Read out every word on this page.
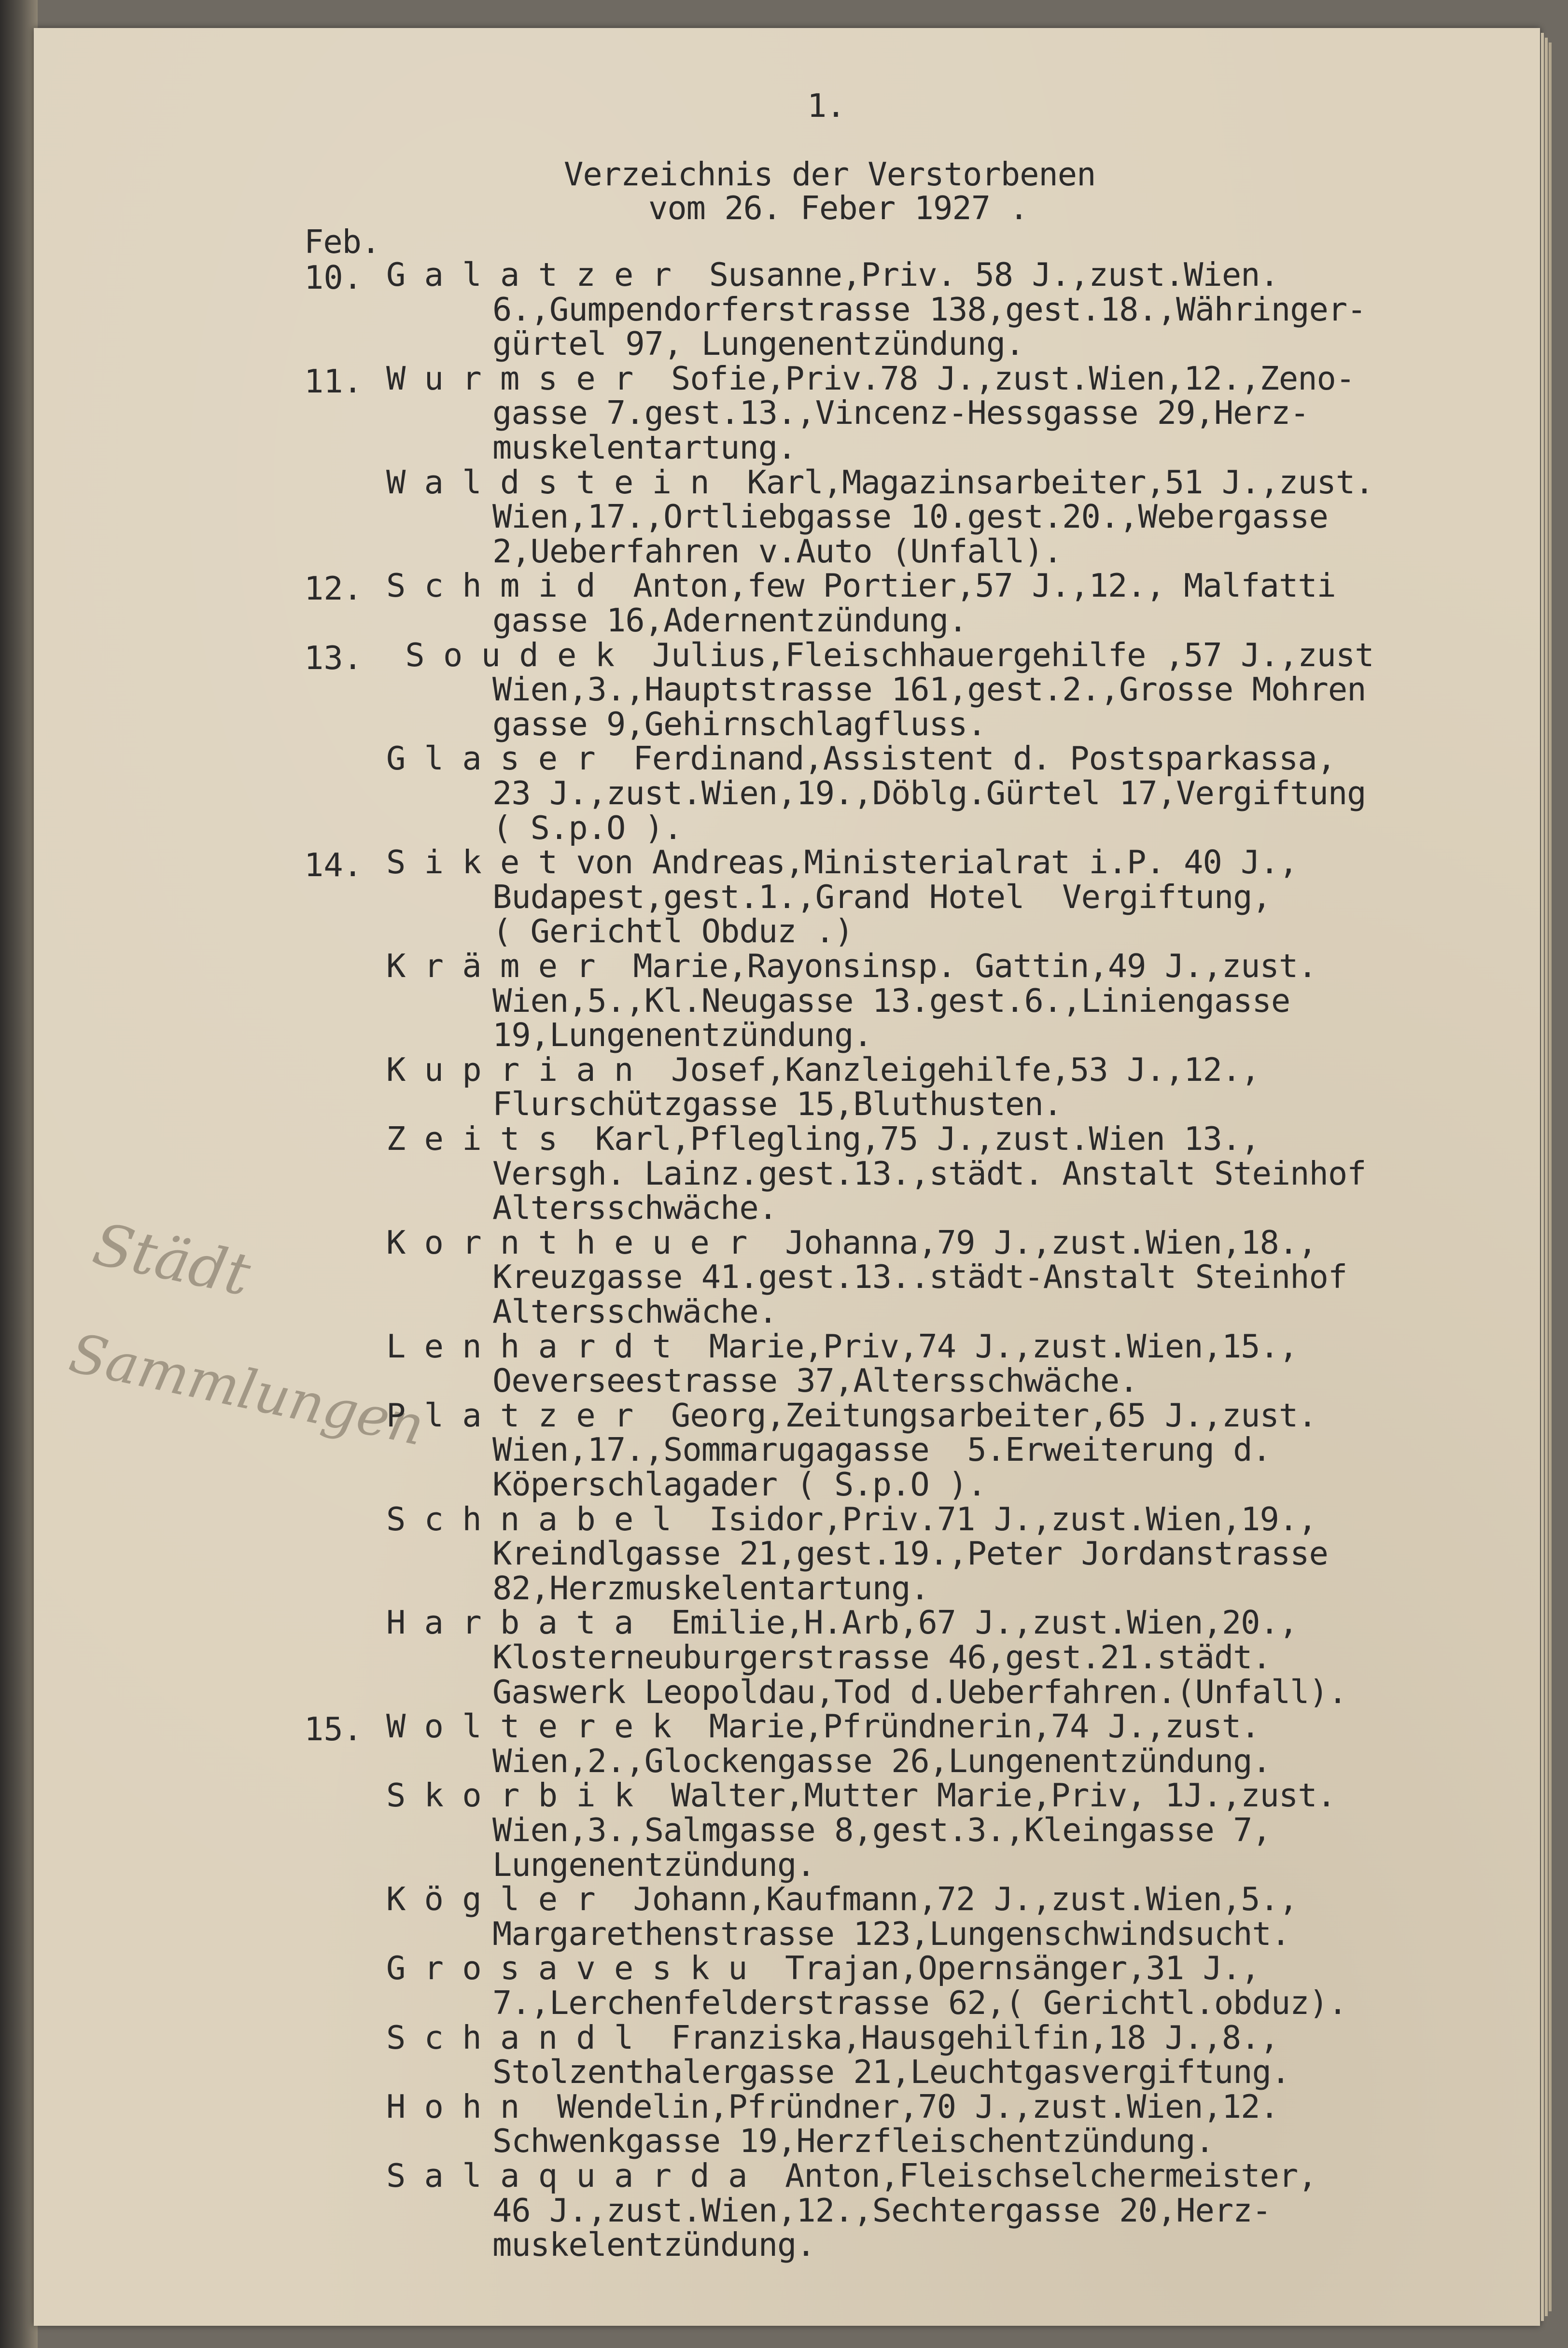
1.
Verzeichnis der Verstorbenen
vom 26. Feber 1927 .
Feb.
Städt
Sammlungen
10. G a l a t z e r  Susanne,Priv. 58 J.,zust.Wien.
6.,Gumpendorferstrasse 138,gest.18.,Währinger-
gürtel 97, Lungenentzündung.
11. W u r m s e r  Sofie,Priv.78 J.,zust.Wien,12.,Zeno-
gasse 7.gest.13.,Vincenz-Hessgasse 29,Herz-
muskelentartung.
W a l d s t e i n  Karl,Magazinsarbeiter,51 J.,zust.
Wien,17.,Ortliebgasse 10.gest.20.,Webergasse
2,Ueberfahren v.Auto (Unfall).
12. S c h m i d  Anton,few Portier,57 J.,12., Malfatti
gasse 16,Adernentzündung.
13. S o u d e k  Julius,Fleischhauergehilfe ,57 J.,zust
Wien,3.,Hauptstrasse 161,gest.2.,Grosse Mohren
gasse 9,Gehirnschlagfluss.
G l a s e r  Ferdinand,Assistent d. Postsparkassa,
23 J.,zust.Wien,19.,Döblg.Gürtel 17,Vergiftung
( S.p.O ).
14. S i k e t von Andreas,Ministerialrat i.P. 40 J.,
Budapest,gest.1.,Grand Hotel  Vergiftung,
( Gerichtl Obduz .)
K r ä m e r  Marie,Rayonsinsp. Gattin,49 J.,zust.
Wien,5.,Kl.Neugasse 13.gest.6.,Liniengasse
19,Lungenentzündung.
K u p r i a n  Josef,Kanzleigehilfe,53 J.,12.,
Flurschützgasse 15,Bluthusten.
Z e i t s  Karl,Pflegling,75 J.,zust.Wien 13.,
Versgh. Lainz.gest.13.,städt. Anstalt Steinhof
Altersschwäche.
K o r n t h e u e r  Johanna,79 J.,zust.Wien,18.,
Kreuzgasse 41.gest.13..städt-Anstalt Steinhof
Altersschwäche.
L e n h a r d t  Marie,Priv,74 J.,zust.Wien,15.,
Oeverseestrasse 37,Altersschwäche.
P l a t z e r  Georg,Zeitungsarbeiter,65 J.,zust.
Wien,17.,Sommarugagasse  5.Erweiterung d.
Köperschlagader ( S.p.O ).
S c h n a b e l  Isidor,Priv.71 J.,zust.Wien,19.,
Kreindlgasse 21,gest.19.,Peter Jordanstrasse
82,Herzmuskelentartung.
H a r b a t a  Emilie,H.Arb,67 J.,zust.Wien,20.,
Klosterneuburgerstrasse 46,gest.21.städt.
Gaswerk Leopoldau,Tod d.Ueberfahren.(Unfall).
15. W o l t e r e k  Marie,Pfründnerin,74 J.,zust.
Wien,2.,Glockengasse 26,Lungenentzündung.
S k o r b i k  Walter,Mutter Marie,Priv, 1J.,zust.
Wien,3.,Salmgasse 8,gest.3.,Kleingasse 7,
Lungenentzündung.
K ö g l e r  Johann,Kaufmann,72 J.,zust.Wien,5.,
Margarethenstrasse 123,Lungenschwindsucht.
G r o s a v e s k u  Trajan,Opernsänger,31 J.,
7.,Lerchenfelderstrasse 62,( Gerichtl.obduz).
S c h a n d l  Franziska,Hausgehilfin,18 J.,8.,
Stolzenthalergasse 21,Leuchtgasvergiftung.
H o h n  Wendelin,Pfründner,70 J.,zust.Wien,12.
Schwenkgasse 19,Herzfleischentzündung.
S a l a q u a r d a  Anton,Fleischselchermeister,
46 J.,zust.Wien,12.,Sechtergasse 20,Herz-
muskelentzündung.
